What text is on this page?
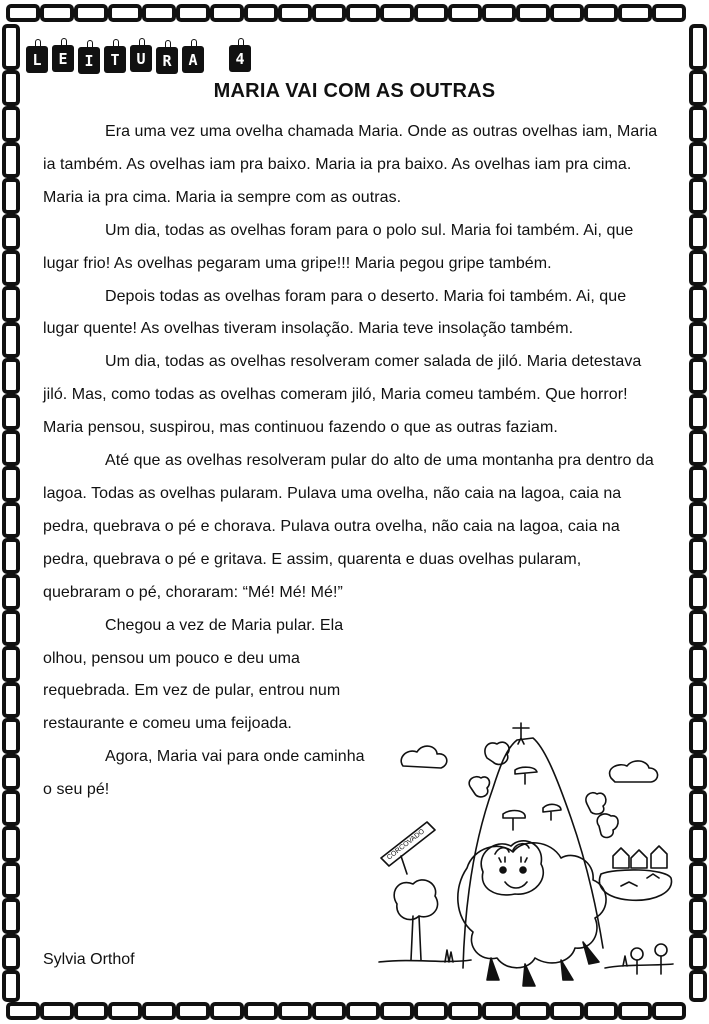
L	E	I	T	U	R	A	4
MARIA VAI COM AS OUTRAS

Era uma vez uma ovelha chamada Maria. Onde as outras ovelhas iam, Maria ia também. As ovelhas iam pra baixo. Maria ia pra baixo. As ovelhas iam pra cima. Maria ia pra cima. Maria ia sempre com as outras.

Um dia, todas as ovelhas foram para o polo sul. Maria foi também. Ai, que lugar frio! As ovelhas pegaram uma gripe!!! Maria pegou gripe também.

Depois todas as ovelhas foram para o deserto. Maria foi também. Ai, que lugar quente! As ovelhas tiveram insolação. Maria teve insolação também.

Um dia, todas as ovelhas resolveram comer salada de jiló. Maria detestava jiló. Mas, como todas as ovelhas comeram jiló, Maria comeu também. Que horror! Maria pensou, suspirou, mas continuou fazendo o que as outras faziam.

Até que as ovelhas resolveram pular do alto de uma montanha pra dentro da lagoa. Todas as ovelhas pularam. Pulava uma ovelha, não caia na lagoa, caia na pedra, quebrava o pé e chorava. Pulava outra ovelha, não caia na lagoa, caia na pedra, quebrava o pé e gritava. E assim, quarenta e duas ovelhas pularam, quebraram o pé, choraram: “Mé! Mé! Mé!”

Chegou a vez de Maria pular. Ela olhou, pensou um pouco e deu uma requebrada. Em vez de pular, entrou num restaurante e comeu uma feijoada.

Agora, Maria vai para onde caminha o seu pé!

Sylvia Orthof
CORCOVADO
